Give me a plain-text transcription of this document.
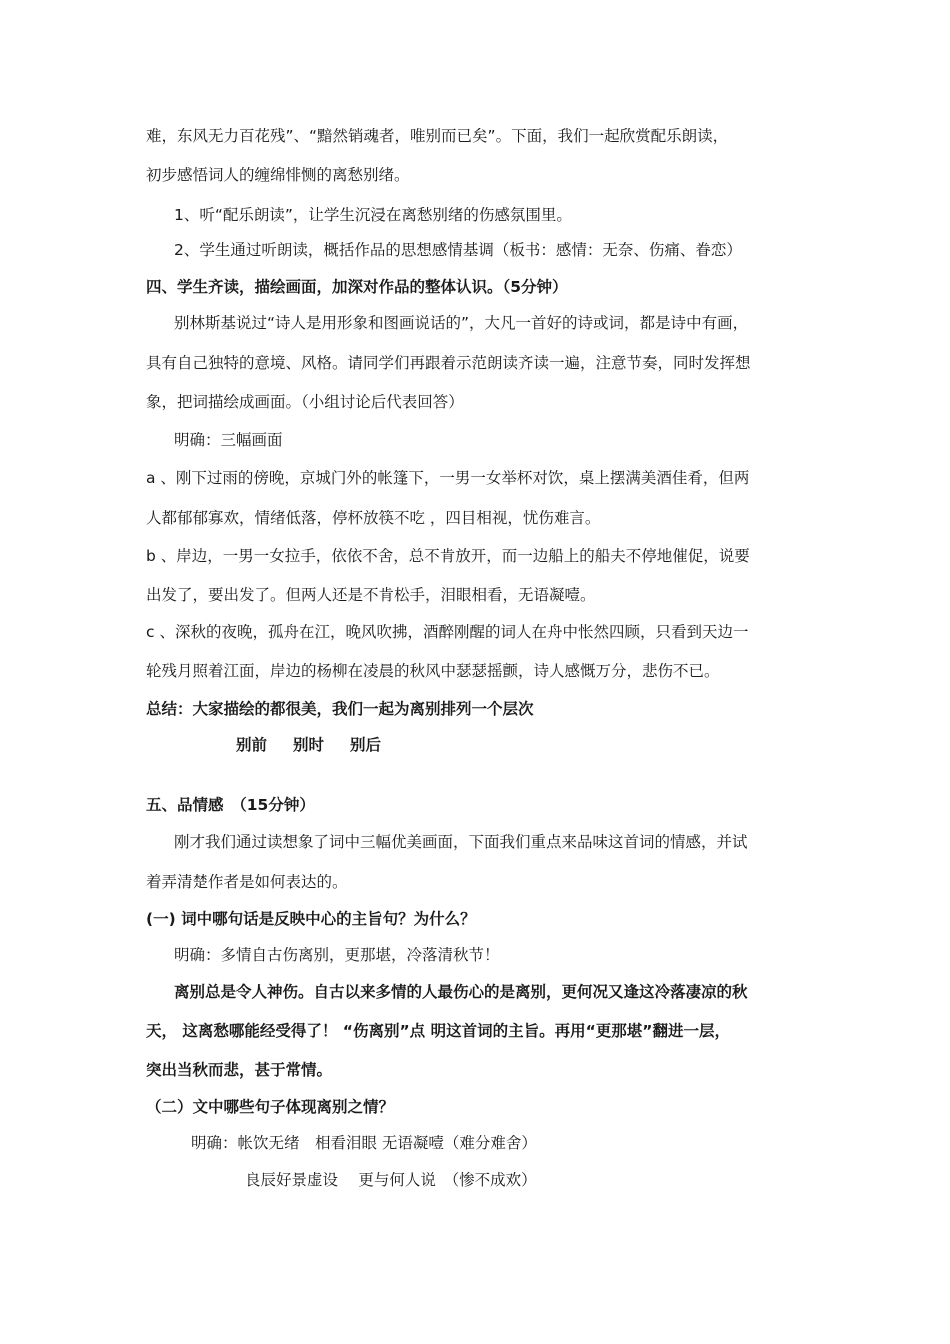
难，东风无力百花残”、“黯然销魂者，唯别而已矣”。下面，我们一起欣赏配乐朗读，
初步感悟词人的缠绵悱恻的离愁别绪。
1、听“配乐朗读”，让学生沉浸在离愁别绪的伤感氛围里。
2、学生通过听朗读，概括作品的思想感情基调（板书：感情：无奈、伤痛、眷恋）
四、学生齐读，描绘画面，加深对作品的整体认识。（5分钟）
别林斯基说过“诗人是用形象和图画说话的”，大凡一首好的诗或词，都是诗中有画，
具有自己独特的意境、风格。请同学们再跟着示范朗读齐读一遍，注意节奏，同时发挥想
象，把词描绘成画面。（小组讨论后代表回答）
明确：三幅画面
a 、刚下过雨的傍晚，京城门外的帐篷下，一男一女举杯对饮，桌上摆满美酒佳肴，但两
人都郁郁寡欢，情绪低落，停杯放筷不吃 ，四目相视，忧伤难言。
b 、岸边，一男一女拉手，依依不舍，总不肯放开，而一边船上的船夫不停地催促，说要
出发了，要出发了。但两人还是不肯松手，泪眼相看，无语凝噎。
c 、深秋的夜晚，孤舟在江，晚风吹拂，酒醉刚醒的词人在舟中怅然四顾，只看到天边一
轮残月照着江面，岸边的杨柳在凌晨的秋风中瑟瑟摇颤，诗人感慨万分，悲伤不已。
总结：大家描绘的都很美，我们一起为离别排列一个层次
别前 别时 别后
五、品情感　（15分钟）
刚才我们通过读想象了词中三幅优美画面，下面我们重点来品味这首词的情感，并试
着弄清楚作者是如何表达的。
(一) 词中哪句话是反映中心的主旨句？为什么？
明确：多情自古伤离别，更那堪，冷落清秋节！
离别总是令人神伤。自古以来多情的人最伤心的是离别，更何况又逢这冷落凄凉的秋
天， 这离愁哪能经受得了！ “伤离别”点 明这首词的主旨。再用“更那堪”翻进一层，
突出当秋而悲，甚于常情。
（二）文中哪些句子体现离别之情？
明确：帐饮无绪　相看泪眼 无语凝噎（难分难舍）
良辰好景虚设　 更与何人说　（惨不成欢）
